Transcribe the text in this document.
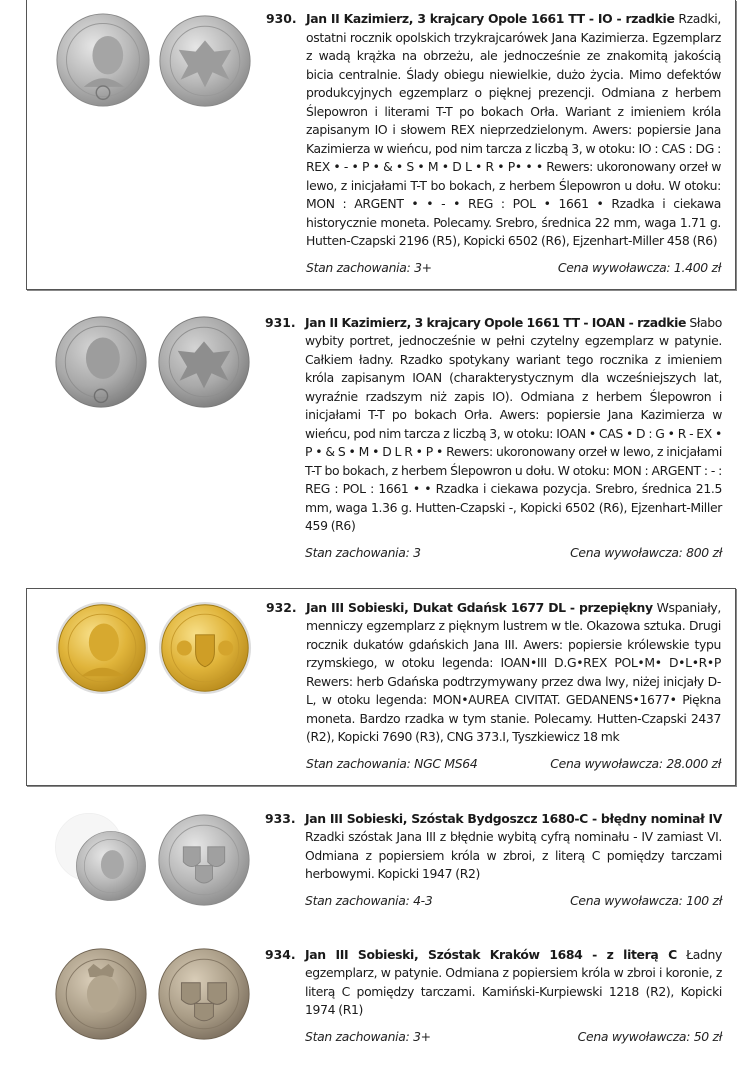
930. Jan II Kazimierz, 3 krajcary Opole 1661 TT - IO - rzadkie Rzadki, ostatni rocznik opolskich trzykrajcarówek Jana Kazimierza. Egzemplarz z wadą krążka na obrzeżu, ale jednocześnie ze znakomitą jakością bicia centralnie. Ślady obiegu niewielkie, dużo życia. Mimo defektów produkcyjnych egzemplarz o pięknej prezencji. Odmiana z herbem Ślepowron i literami T-T po bokach Orła. Wariant z imieniem króla zapisanym IO i słowem REX nieprzedzielonym. Awers: popiersie Jana Kazimierza w wieńcu, pod nim tarcza z liczbą 3, w otoku: IO : CAS : DG : REX • - • P • & • S • M • D L • R • P• • • Rewers: ukoronowany orzeł w lewo, z inicjałami T-T bo bokach, z herbem Ślepowron u dołu. W otoku: MON : ARGENT • • - • REG : POL • 1661 • Rzadka i ciekawa historycznie moneta. Polecamy. Srebro, średnica 22 mm, waga 1.71 g. Hutten-Czapski 2196 (R5), Kopicki 6502 (R6), Ejzenhart-Miller 458 (R6)
Stan zachowania: 3+	Cena wywoławcza: 1.400 zł
931. Jan II Kazimierz, 3 krajcary Opole 1661 TT - IOAN - rzadkie Słabo wybity portret, jednocześnie w pełni czytelny egzemplarz w patynie. Całkiem ładny. Rzadko spotykany wariant tego rocznika z imieniem króla zapisanym IOAN (charakterystycznym dla wcześniejszych lat, wyraźnie rzadszym niż zapis IO). Odmiana z herbem Ślepowron i inicjałami T-T po bokach Orła. Awers: popiersie Jana Kazimierza w wieńcu, pod nim tarcza z liczbą 3, w otoku: IOAN • CAS • D : G • R - EX • P • & S • M • D L R • P • Rewers: ukoronowany orzeł w lewo, z inicjałami T-T bo bokach, z herbem Ślepowron u dołu. W otoku: MON : ARGENT : - : REG : POL : 1661 • • Rzadka i ciekawa pozycja. Srebro, średnica 21.5 mm, waga 1.36 g. Hutten-Czapski -, Kopicki 6502 (R6), Ejzenhart-Miller 459 (R6)
Stan zachowania: 3	Cena wywoławcza: 800 zł
932. Jan III Sobieski, Dukat Gdańsk 1677 DL - przepiękny Wspaniały, menniczy egzemplarz z pięknym lustrem w tle. Okazowa sztuka. Drugi rocznik dukatów gdańskich Jana III. Awers: popiersie królewskie typu rzymskiego, w otoku legenda: IOAN•III D.G•REX POL•M• D•L•R•P Rewers: herb Gdańska podtrzymywany przez dwa lwy, niżej inicjały D-L, w otoku legenda: MON•AUREA CIVITAT. GEDANENS•1677• Piękna moneta. Bardzo rzadka w tym stanie. Polecamy. Hutten-Czapski 2437 (R2), Kopicki 7690 (R3), CNG 373.I, Tyszkiewicz 18 mk
Stan zachowania: NGC MS64	Cena wywoławcza: 28.000 zł
933. Jan III Sobieski, Szóstak Bydgoszcz 1680-C - błędny nominał IV Rzadki szóstak Jana III z błędnie wybitą cyfrą nominału - IV zamiast VI. Odmiana z popiersiem króla w zbroi, z literą C pomiędzy tarczami herbowymi. Kopicki 1947 (R2)
Stan zachowania: 4-3	Cena wywoławcza: 100 zł
934. Jan III Sobieski, Szóstak Kraków 1684 - z literą C Ładny egzemplarz, w patynie. Odmiana z popiersiem króla w zbroi i koronie, z literą C pomiędzy tarczami. Kamiński-Kurpiewski 1218 (R2), Kopicki 1974 (R1)
Stan zachowania: 3+	Cena wywoławcza: 50 zł
